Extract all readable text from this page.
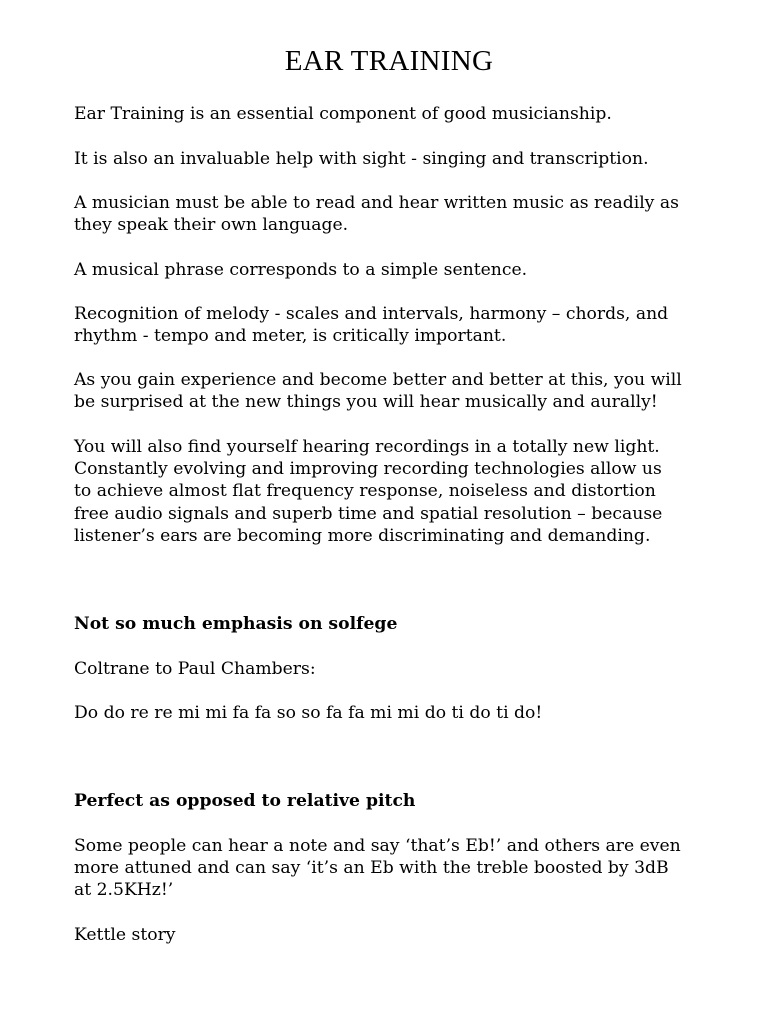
EAR TRAINING

Ear Training is an essential component of good musicianship.

It is also an invaluable help with sight - singing and transcription.

A musician must be able to read and hear written music as readily as
they speak their own language.

A musical phrase corresponds to a simple sentence.

Recognition of melody - scales and intervals, harmony – chords, and
rhythm - tempo and meter, is critically important.

As you gain experience and become better and better at this, you will
be surprised at the new things you will hear musically and aurally!

You will also find yourself hearing recordings in a totally new light.
Constantly evolving and improving recording technologies allow us
to achieve almost flat frequency response, noiseless and distortion
free audio signals and superb time and spatial resolution – because
listener’s ears are becoming more discriminating and demanding.

Not so much emphasis on solfege

Coltrane to Paul Chambers:

Do do re re mi mi fa fa so so fa fa mi mi do ti do ti do!

Perfect as opposed to relative pitch

Some people can hear a note and say ‘that’s Eb!’ and others are even
more attuned and can say ‘it’s an Eb with the treble boosted by 3dB
at 2.5KHz!’

Kettle story
